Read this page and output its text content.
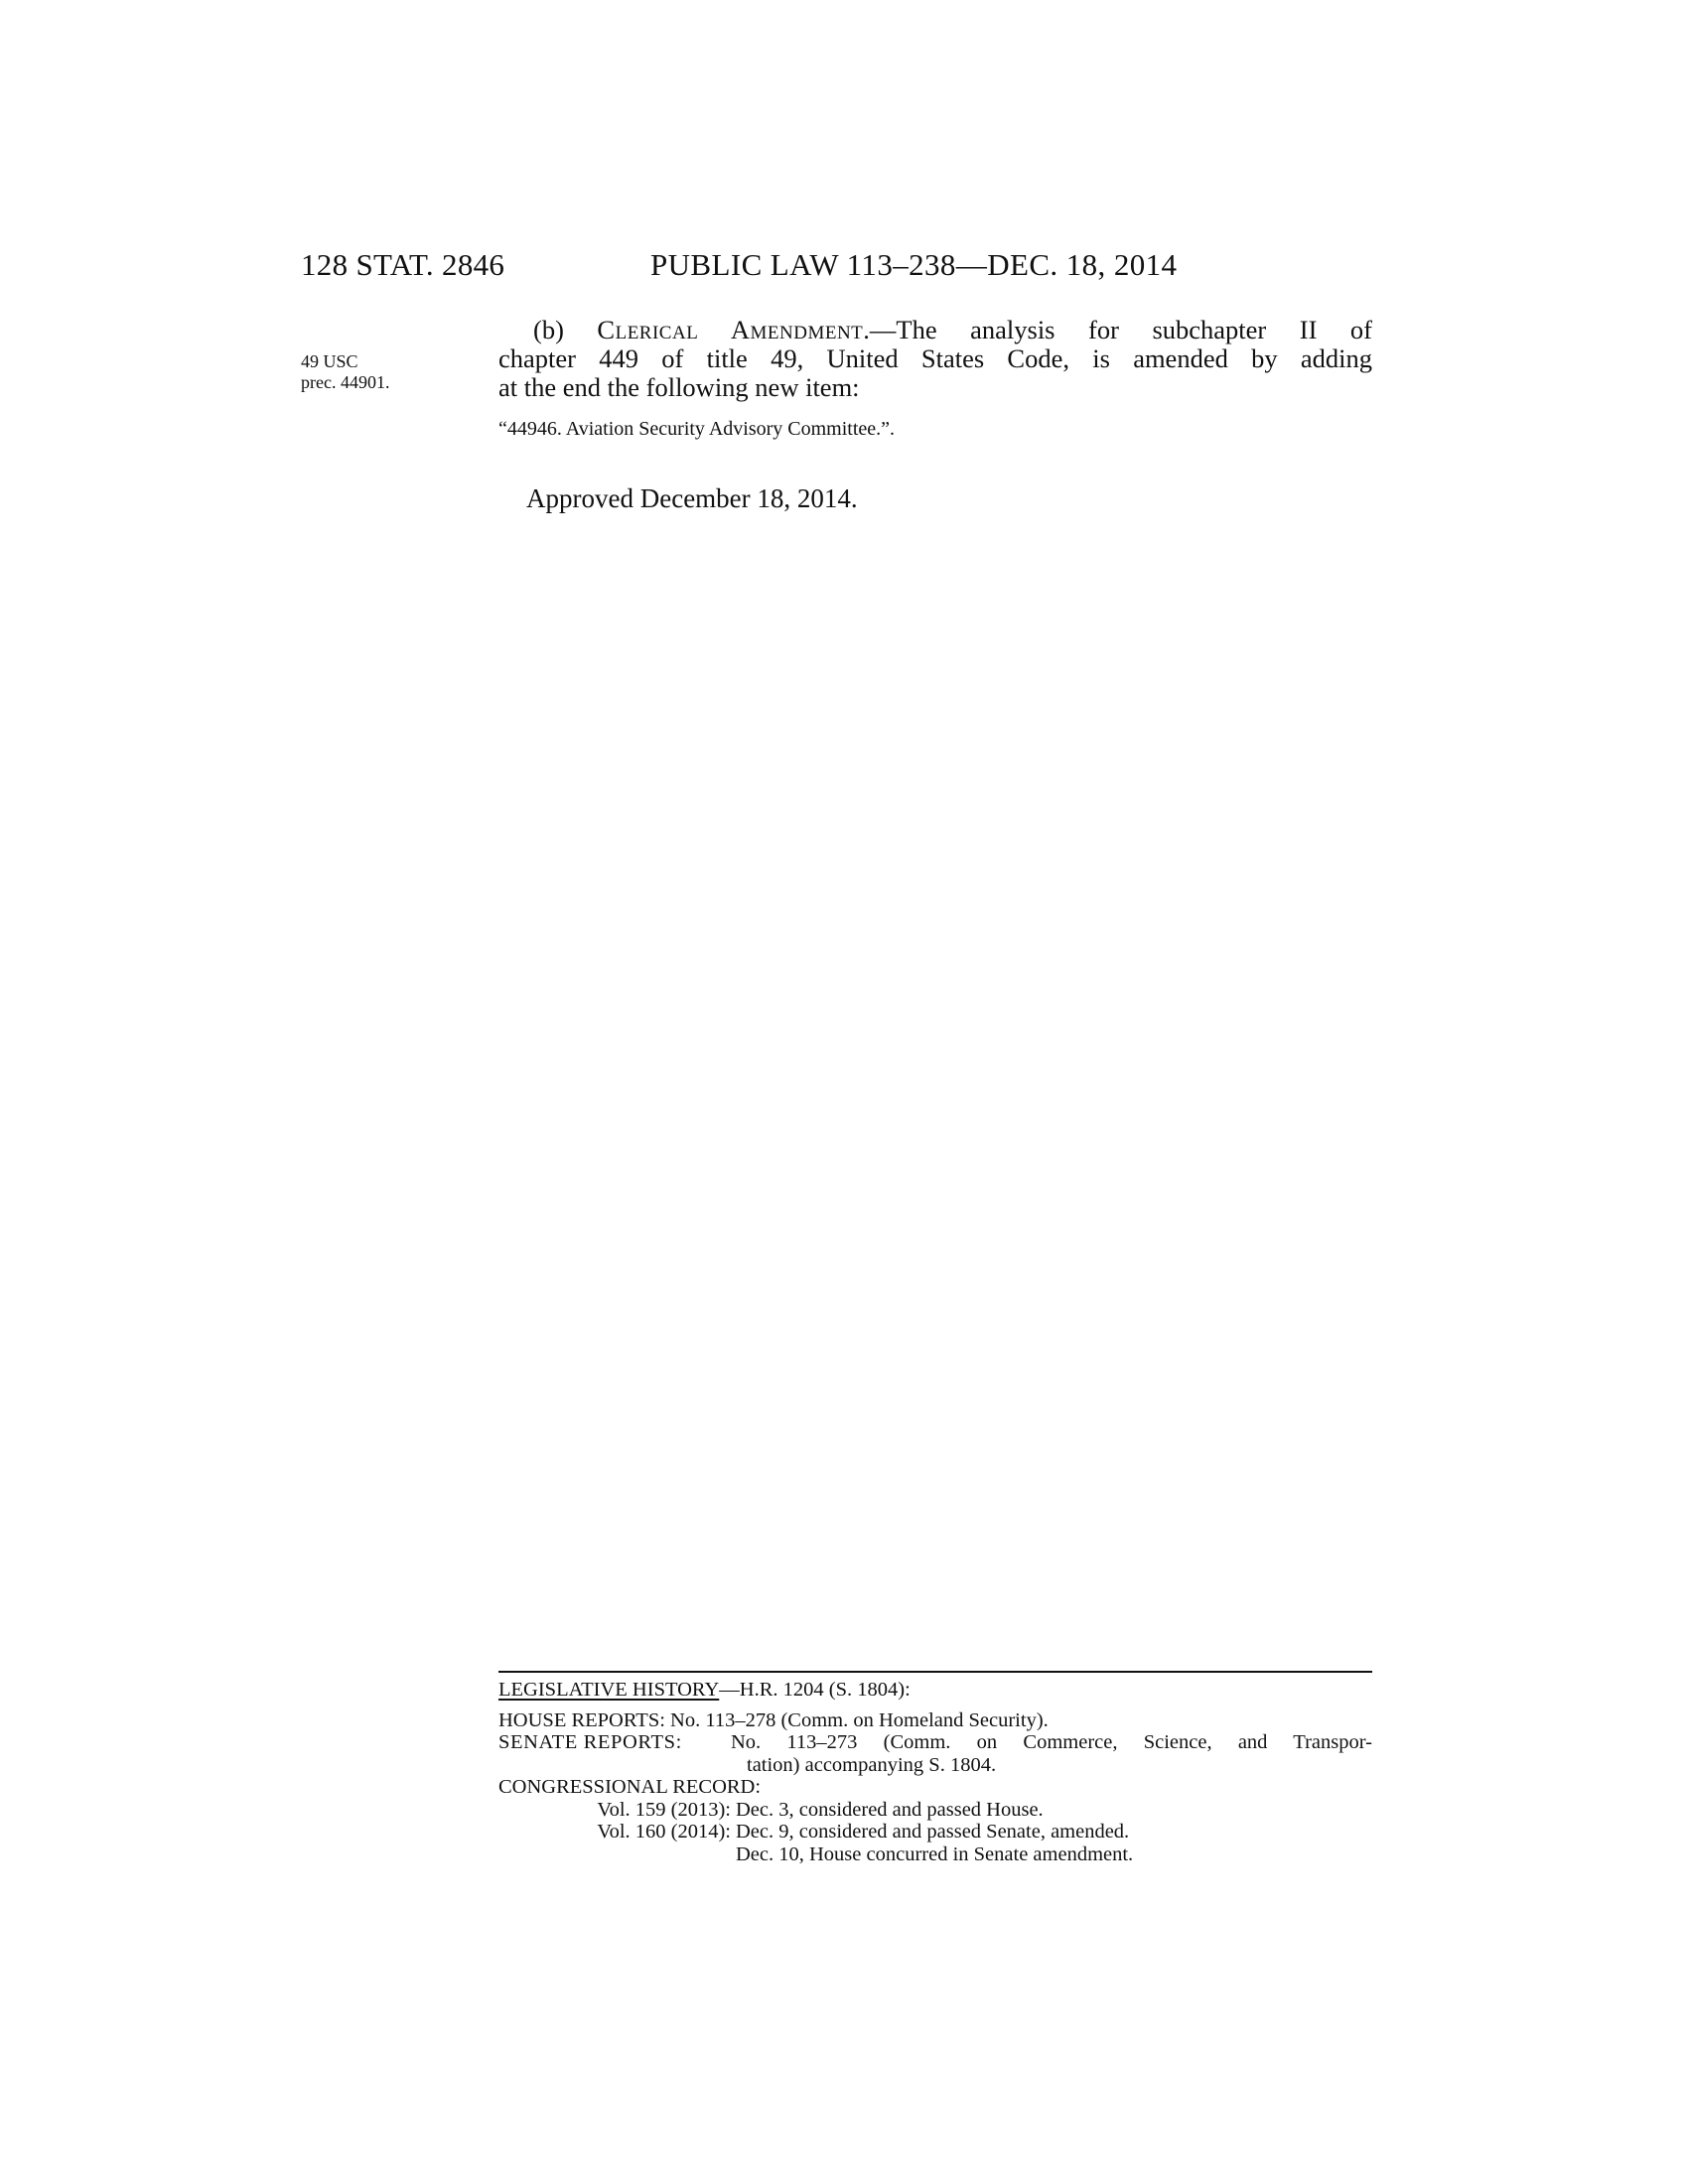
128 STAT. 2846	PUBLIC LAW 113–238—DEC. 18, 2014
49 USC
prec. 44901.
(b) Clerical Amendment.—The analysis for subchapter II of
chapter 449 of title 49, United States Code, is amended by adding
at the end the following new item:
“44946. Aviation Security Advisory Committee.”.
Approved December 18, 2014.
LEGISLATIVE HISTORY—H.R. 1204 (S. 1804):
HOUSE REPORTS: No. 113–278 (Comm. on Homeland Security).
SENATE REPORTS:	No. 113–273 (Comm. on Commerce, Science, and Transpor-
tation) accompanying S. 1804.
CONGRESSIONAL RECORD:
Vol. 159 (2013): Dec. 3, considered and passed House.
Vol. 160 (2014): Dec. 9, considered and passed Senate, amended.
Dec. 10, House concurred in Senate amendment.
